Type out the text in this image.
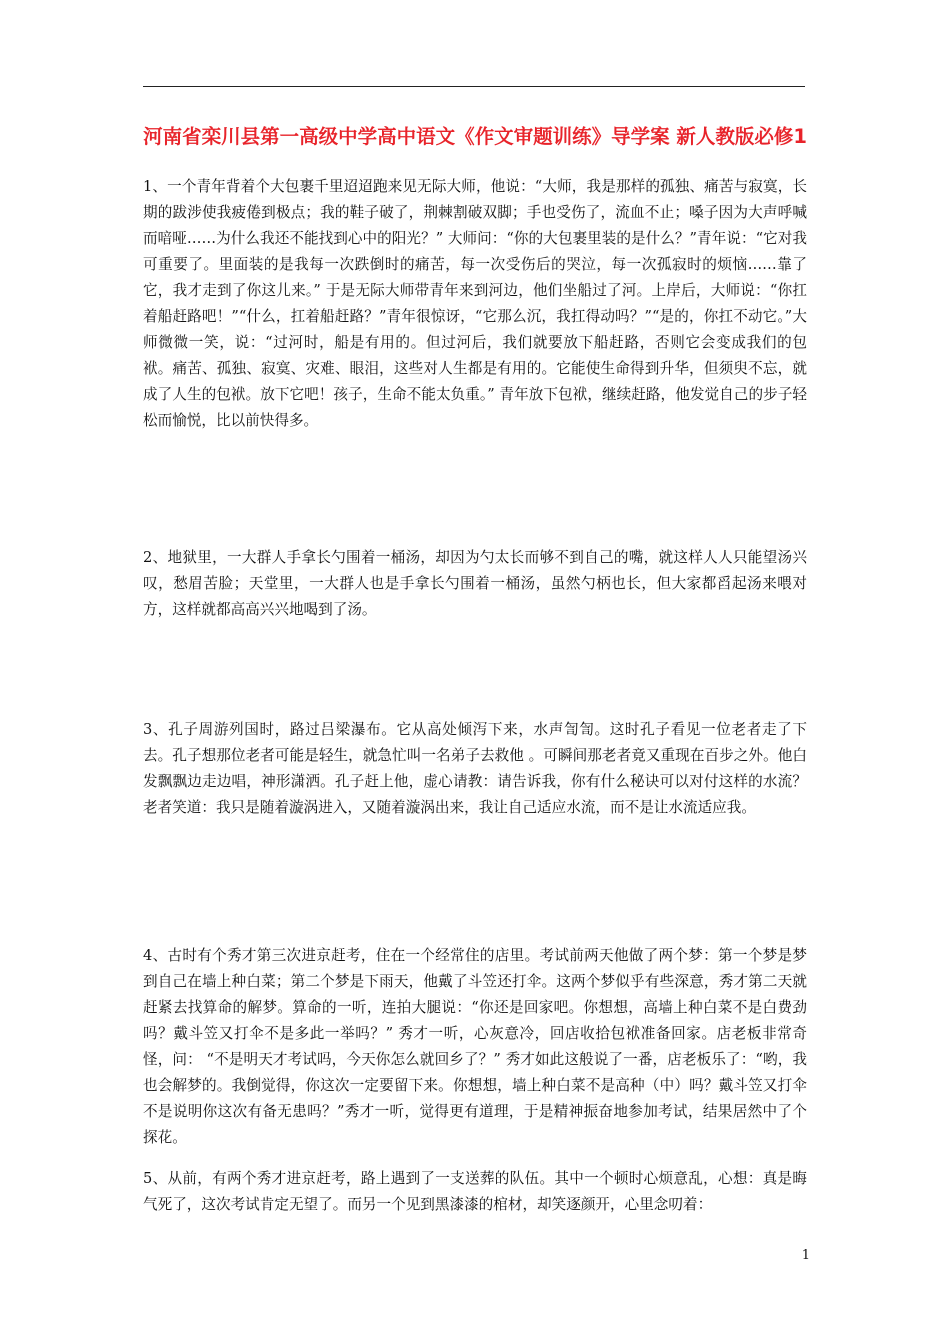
河南省栾川县第一高级中学高中语文《作文审题训练》导学案 新人教版必修1

1、一个青年背着个大包裹千里迢迢跑来见无际大师，他说：“大师，我是那样的孤独、痛苦与寂寞，长期的跋涉使我疲倦到极点；我的鞋子破了，荆棘割破双脚；手也受伤了，流血不止；嗓子因为大声呼喊而喑哑……为什么我还不能找到心中的阳光？” 大师问：“你的大包裹里装的是什么？”青年说：“它对我可重要了。里面装的是我每一次跌倒时的痛苦，每一次受伤后的哭泣，每一次孤寂时的烦恼……靠了它，我才走到了你这儿来。” 于是无际大师带青年来到河边，他们坐船过了河。上岸后，大师说：“你扛着船赶路吧！”“什么，扛着船赶路？”青年很惊讶，“它那么沉，我扛得动吗？”“是的，你扛不动它。”大师微微一笑，说：“过河时，船是有用的。但过河后，我们就要放下船赶路，否则它会变成我们的包袱。痛苦、孤独、寂寞、灾难、眼泪，这些对人生都是有用的。它能使生命得到升华，但须臾不忘，就成了人生的包袱。放下它吧！孩子，生命不能太负重。” 青年放下包袱，继续赶路，他发觉自己的步子轻松而愉悦，比以前快得多。

2、地狱里，一大群人手拿长勺围着一桶汤，却因为勺太长而够不到自己的嘴，就这样人人只能望汤兴叹，愁眉苦脸；天堂里，一大群人也是手拿长勺围着一桶汤，虽然勺柄也长，但大家都舀起汤来喂对方，这样就都高高兴兴地喝到了汤。

3、孔子周游列国时，路过吕梁瀑布。它从高处倾泻下来，水声訇訇。这时孔子看见一位老者走了下去。孔子想那位老者可能是轻生，就急忙叫一名弟子去救他 。可瞬间那老者竟又重现在百步之外。他白发飘飘边走边唱，神形潇洒。孔子赶上他，虚心请教：请告诉我，你有什么秘诀可以对付这样的水流？老者笑道：我只是随着漩涡进入，又随着漩涡出来，我让自己适应水流，而不是让水流适应我。

4、古时有个秀才第三次进京赶考，住在一个经常住的店里。考试前两天他做了两个梦：第一个梦是梦到自己在墙上种白菜；第二个梦是下雨天，他戴了斗笠还打伞。这两个梦似乎有些深意，秀才第二天就赶紧去找算命的解梦。算命的一听，连拍大腿说：“你还是回家吧。你想想，高墙上种白菜不是白费劲吗？戴斗笠又打伞不是多此一举吗？” 秀才一听，心灰意冷，回店收拾包袱准备回家。店老板非常奇怪，问： “不是明天才考试吗，今天你怎么就回乡了？” 秀才如此这般说了一番，店老板乐了：“哟，我也会解梦的。我倒觉得，你这次一定要留下来。你想想，墙上种白菜不是高种（中）吗？戴斗笠又打伞不是说明你这次有备无患吗？”秀才一听，觉得更有道理，于是精神振奋地参加考试，结果居然中了个探花。

5、从前，有两个秀才进京赶考，路上遇到了一支送葬的队伍。其中一个顿时心烦意乱，心想：真是晦气死了，这次考试肯定无望了。而另一个见到黑漆漆的棺材，却笑逐颜开，心里念叨着：

1
